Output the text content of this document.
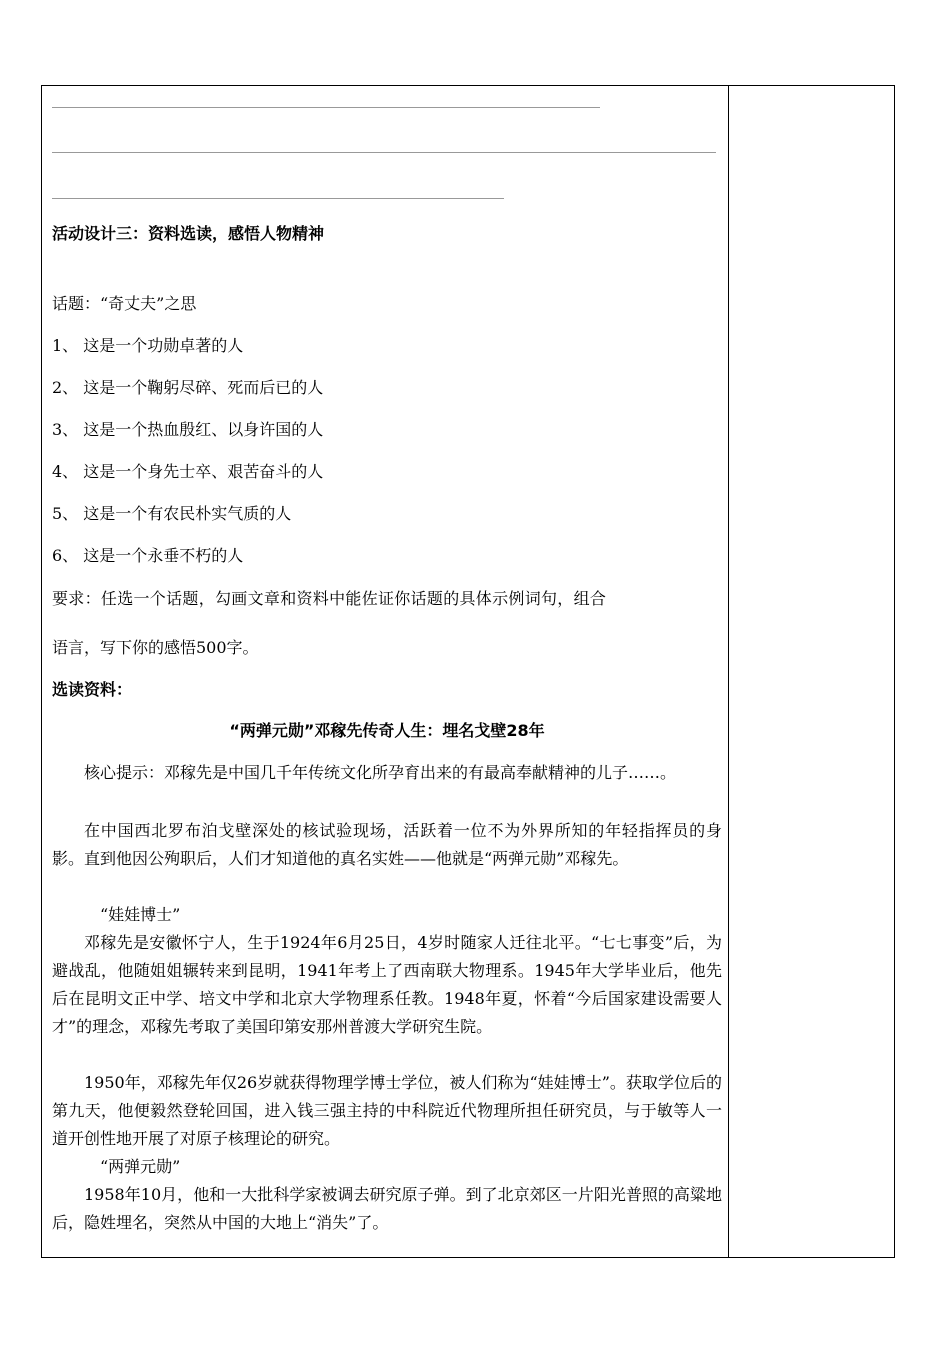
活动设计三：资料选读，感悟人物精神
话题：“奇丈夫”之思
1、 这是一个功勋卓著的人
2、 这是一个鞠躬尽碎、死而后已的人
3、 这是一个热血殷红、以身许国的人
4、 这是一个身先士卒、艰苦奋斗的人
5、 这是一个有农民朴实气质的人
6、 这是一个永垂不朽的人
要求：任选一个话题，勾画文章和资料中能佐证你话题的具体示例词句，组合
语言，写下你的感悟500字。
选读资料：
“两弹元勋”邓稼先传奇人生：埋名戈壁28年
核心提示：邓稼先是中国几千年传统文化所孕育出来的有最高奉献精神的儿子……。
在中国西北罗布泊戈壁深处的核试验现场，活跃着一位不为外界所知的年轻指挥员的身影。直到他因公殉职后，人们才知道他的真名实姓——他就是“两弹元勋”邓稼先。
“娃娃博士”
邓稼先是安徽怀宁人，生于1924年6月25日，4岁时随家人迁往北平。“七七事变”后，为避战乱，他随姐姐辗转来到昆明，1941年考上了西南联大物理系。1945年大学毕业后，他先后在昆明文正中学、培文中学和北京大学物理系任教。1948年夏，怀着“今后国家建设需要人才”的理念，邓稼先考取了美国印第安那州普渡大学研究生院。
1950年，邓稼先年仅26岁就获得物理学博士学位，被人们称为“娃娃博士”。获取学位后的第九天，他便毅然登轮回国，进入钱三强主持的中科院近代物理所担任研究员，与于敏等人一道开创性地开展了对原子核理论的研究。
“两弹元勋”
1958年10月，他和一大批科学家被调去研究原子弹。到了北京郊区一片阳光普照的高粱地后，隐姓埋名，突然从中国的大地上“消失”了。
